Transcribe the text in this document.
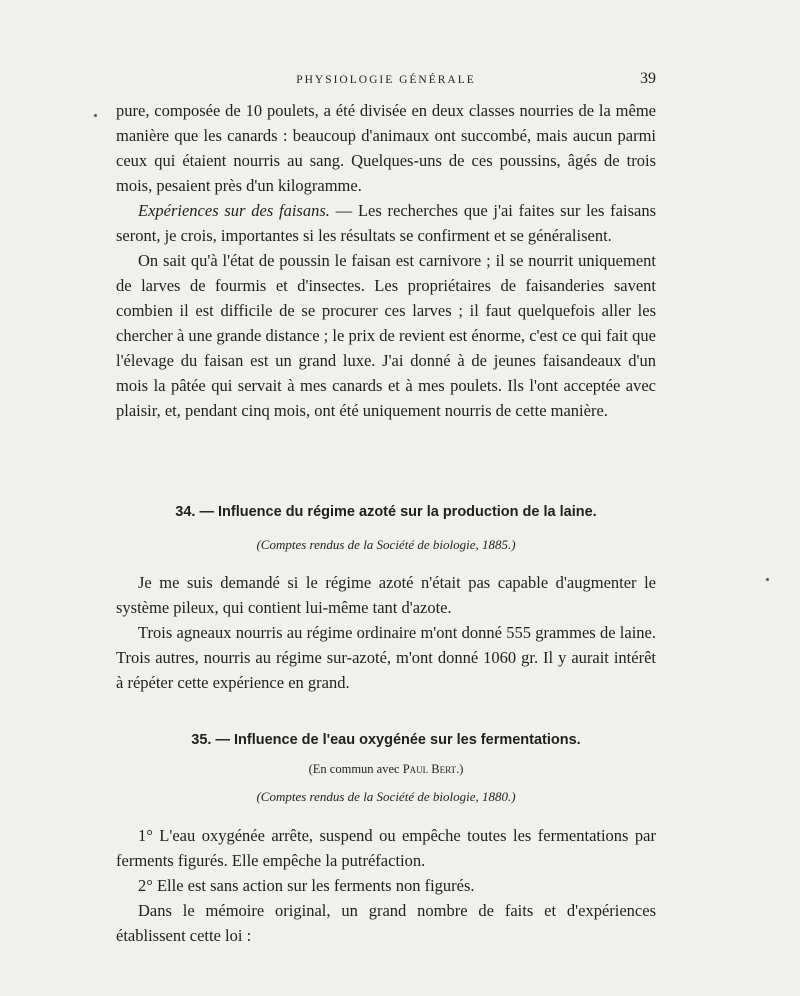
PHYSIOLOGIE GÉNÉRALE	39

pure, composée de 10 poulets, a été divisée en deux classes nourries de la même manière que les canards : beaucoup d'animaux ont succombé, mais aucun parmi ceux qui étaient nourris au sang. Quelques-uns de ces poussins, âgés de trois mois, pesaient près d'un kilogramme.

Expériences sur des faisans. — Les recherches que j'ai faites sur les faisans seront, je crois, importantes si les résultats se confirment et se généralisent.

On sait qu'à l'état de poussin le faisan est carnivore ; il se nourrit uniquement de larves de fourmis et d'insectes. Les propriétaires de faisanderies savent combien il est difficile de se procurer ces larves ; il faut quelquefois aller les chercher à une grande distance ; le prix de revient est énorme, c'est ce qui fait que l'élevage du faisan est un grand luxe. J'ai donné à de jeunes faisandeaux d'un mois la pâtée qui servait à mes canards et à mes poulets. Ils l'ont acceptée avec plaisir, et, pendant cinq mois, ont été uniquement nourris de cette manière.

34. — Influence du régime azoté sur la production de la laine.
(Comptes rendus de la Société de biologie, 1885.)

Je me suis demandé si le régime azoté n'était pas capable d'augmenter le système pileux, qui contient lui-même tant d'azote.

Trois agneaux nourris au régime ordinaire m'ont donné 555 grammes de laine. Trois autres, nourris au régime sur-azoté, m'ont donné 1060 gr. Il y aurait intérêt à répéter cette expérience en grand.

35. — Influence de l'eau oxygénée sur les fermentations.
(En commun avec Paul Bert.)
(Comptes rendus de la Société de biologie, 1880.)

1° L'eau oxygénée arrête, suspend ou empêche toutes les fermentations par ferments figurés. Elle empêche la putréfaction.

2° Elle est sans action sur les ferments non figurés.

Dans le mémoire original, un grand nombre de faits et d'expériences établissent cette loi :
